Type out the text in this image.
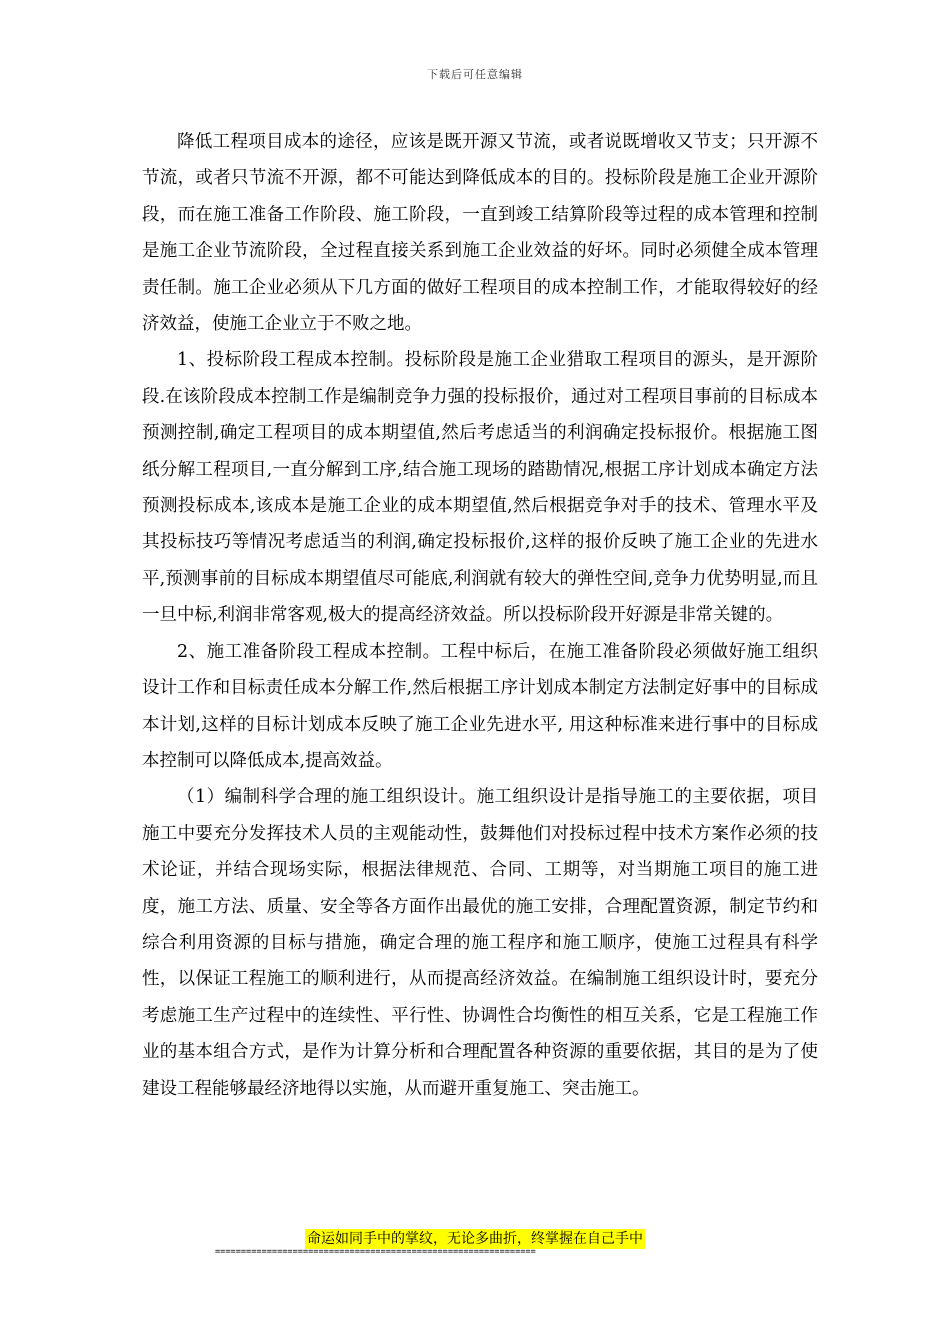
下载后可任意编辑

降低工程项目成本的途径，应该是既开源又节流，或者说既增收又节支；只开源不节流，或者只节流不开源，都不可能达到降低成本的目的。投标阶段是施工企业开源阶段，而在施工准备工作阶段、施工阶段，一直到竣工结算阶段等过程的成本管理和控制是施工企业节流阶段，全过程直接关系到施工企业效益的好坏。同时必须健全成本管理责任制。施工企业必须从下几方面的做好工程项目的成本控制工作，才能取得较好的经济效益，使施工企业立于不败之地。

1、投标阶段工程成本控制。投标阶段是施工企业猎取工程项目的源头，是开源阶段.在该阶段成本控制工作是编制竞争力强的投标报价，通过对工程项目事前的目标成本预测控制,确定工程项目的成本期望值,然后考虑适当的利润确定投标报价。根据施工图纸分解工程项目,一直分解到工序,结合施工现场的踏勘情况,根据工序计划成本确定方法预测投标成本,该成本是施工企业的成本期望值,然后根据竞争对手的技术、管理水平及其投标技巧等情况考虑适当的利润,确定投标报价,这样的报价反映了施工企业的先进水平,预测事前的目标成本期望值尽可能底,利润就有较大的弹性空间,竞争力优势明显,而且一旦中标,利润非常客观,极大的提高经济效益。所以投标阶段开好源是非常关键的。

2、施工准备阶段工程成本控制。工程中标后，在施工准备阶段必须做好施工组织设计工作和目标责任成本分解工作,然后根据工序计划成本制定方法制定好事中的目标成本计划,这样的目标计划成本反映了施工企业先进水平, 用这种标准来进行事中的目标成本控制可以降低成本,提高效益。

（1）编制科学合理的施工组织设计。施工组织设计是指导施工的主要依据，项目施工中要充分发挥技术人员的主观能动性，鼓舞他们对投标过程中技术方案作必须的技术论证，并结合现场实际，根据法律规范、合同、工期等，对当期施工项目的施工进度，施工方法、质量、安全等各方面作出最优的施工安排，合理配置资源，制定节约和综合利用资源的目标与措施，确定合理的施工程序和施工顺序，使施工过程具有科学性，以保证工程施工的顺利进行，从而提高经济效益。在编制施工组织设计时，要充分考虑施工生产过程中的连续性、平行性、协调性合均衡性的相互关系，它是工程施工作业的基本组合方式，是作为计算分析和合理配置各种资源的重要依据，其目的是为了使建设工程能够最经济地得以实施，从而避开重复施工、突击施工。

命运如同手中的掌纹，无论多曲折，终掌握在自己手中
==============================================================
